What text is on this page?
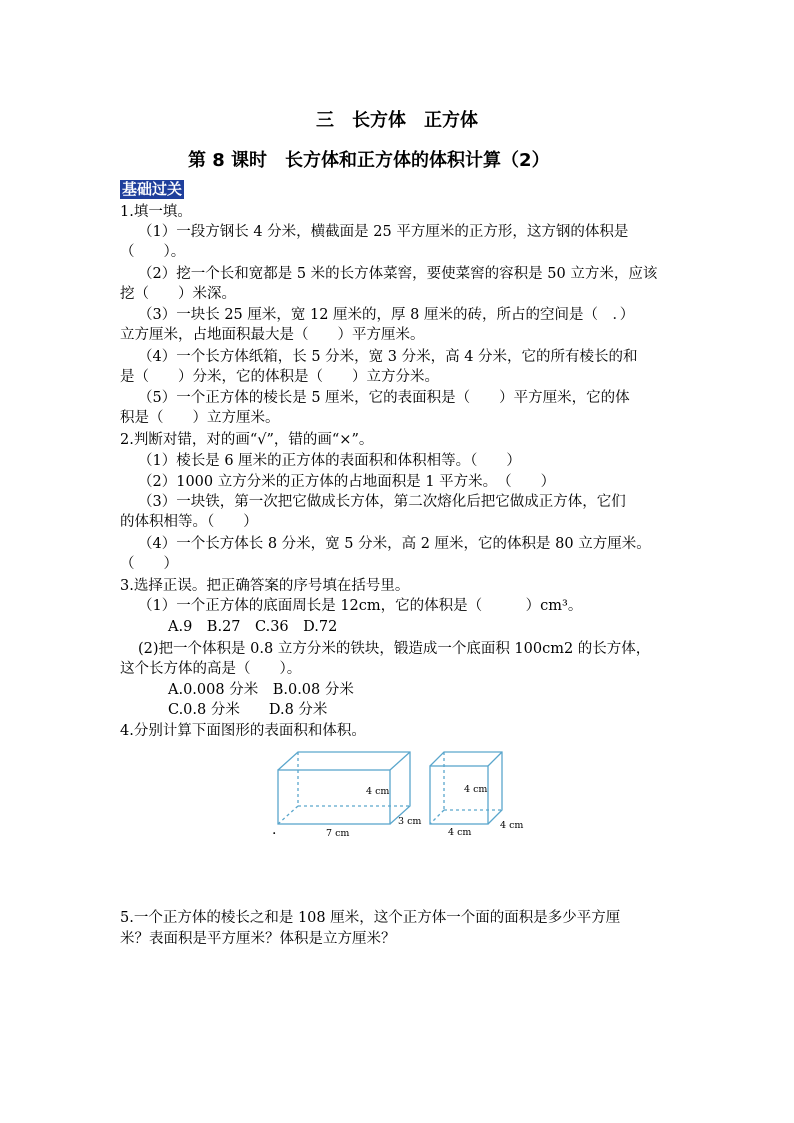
三　长方体　正方体
第 8 课时　长方体和正方体的体积计算（2）
基础过关
1.填一填。
（1）一段方钢长 4 分米，横截面是 25 平方厘米的正方形，这方钢的体积是
（　　）。
（2）挖一个长和宽都是 5 米的长方体菜窖，要使菜窖的容积是 50 立方米，应该
挖（　　）米深。
（3）一块长 25 厘米，宽 12 厘米的，厚 8 厘米的砖，所占的空间是（　．）
立方厘米，占地面积最大是（　　）平方厘米。
（4）一个长方体纸箱，长 5 分米，宽 3 分米，高 4 分米，它的所有棱长的和
是（　　）分米，它的体积是（　　）立方分米。
（5）一个正方体的棱长是 5 厘米，它的表面积是（　　）平方厘米，它的体
积是（　　）立方厘米。
2.判断对错，对的画“√”，错的画“×”。
（1）棱长是 6 厘米的正方体的表面积和体积相等。（　　）
（2）1000 立方分米的正方体的占地面积是 1 平方米。　（　　）
（3）一块铁，第一次把它做成长方体，第二次熔化后把它做成正方体，它们
的体积相等。（　　）
（4）一个长方体长 8 分米，宽 5 分米，高 2 厘米，它的体积是 80 立方厘米。
（　　）
3.选择正误。把正确答案的序号填在括号里。
（1）一个正方体的底面周长是 12cm，它的体积是（　　　）cm³。
A.9　B.27　C.36　D.72
(2)把一个体积是 0.8 立方分米的铁块，锻造成一个底面积 100cm2 的长方体，
这个长方体的高是（　　）。
A.0.008 分米　B.0.08 分米
C.0.8 分米　　D.8 分米
4.分别计算下面图形的表面积和体积。
4 cm
7 cm
3 cm
4 cm
4 cm
4 cm
·
5.一个正方体的棱长之和是 108 厘米，这个正方体一个面的面积是多少平方厘
米？表面积是平方厘米？体积是立方厘米？
